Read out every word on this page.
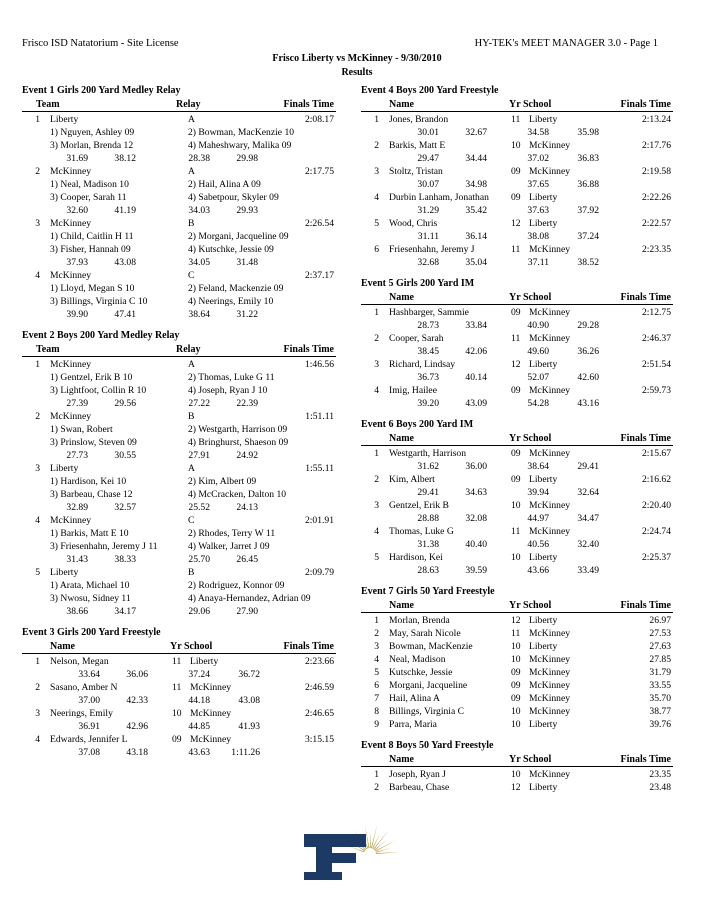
Frisco ISD Natatorium - Site License	HY-TEK's MEET MANAGER 3.0 - Page 1
Frisco Liberty vs McKinney - 9/30/2010
Results
Event 1 Girls 200 Yard Medley Relay
Team	Relay	Finals Time
1 Liberty	A	2:08.17
1) Nguyen, Ashley 09	2) Bowman, MacKenzie 10
3) Morlan, Brenda 12	4) Maheshwary, Malika 09
31.69	38.12	28.38	29.98
2 McKinney	A	2:17.75
1) Neal, Madison 10	2) Hail, Alina A 09
3) Cooper, Sarah 11	4) Sabetpour, Skyler 09
32.60	41.19	34.03	29.93
3 McKinney	B	2:26.54
1) Child, Caitlin H 11	2) Morgani, Jacqueline 09
3) Fisher, Hannah 09	4) Kutschke, Jessie 09
37.93	43.08	34.05	31.48
4 McKinney	C	2:37.17
1) Lloyd, Megan S 10	2) Feland, Mackenzie 09
3) Billings, Virginia C 10	4) Neerings, Emily 10
39.90	47.41	38.64	31.22
Event 2 Boys 200 Yard Medley Relay
Team	Relay	Finals Time
1 McKinney	A	1:46.56
1) Gentzel, Erik B 10	2) Thomas, Luke G 11
3) Lightfoot, Collin R 10	4) Joseph, Ryan J 10
27.39	29.56	27.22	22.39
2 McKinney	B	1:51.11
1) Swan, Robert	2) Westgarth, Harrison 09
3) Prinslow, Steven 09	4) Bringhurst, Shaeson 09
27.73	30.55	27.91	24.92
3 Liberty	A	1:55.11
1) Hardison, Kei 10	2) Kim, Albert 09
3) Barbeau, Chase 12	4) McCracken, Dalton 10
32.89	32.57	25.52	24.13
4 McKinney	C	2:01.91
1) Barkis, Matt E 10	2) Rhodes, Terry W 11
3) Friesenhahn, Jeremy J 11	4) Walker, Jarret J 09
31.43	38.33	25.70	26.45
5 Liberty	B	2:09.79
1) Arata, Michael 10	2) Rodriguez, Konnor 09
3) Nwosu, Sidney 11	4) Anaya-Hernandez, Adrian 09
38.66	34.17	29.06	27.90
Event 3 Girls 200 Yard Freestyle
Name	Yr School	Finals Time
1 Nelson, Megan	11 Liberty	2:23.66
33.64	36.06	37.24	36.72
2 Sasano, Amber N	11 McKinney	2:46.59
37.00	42.33	44.18	43.08
3 Neerings, Emily	10 McKinney	2:46.65
36.91	42.96	44.85	41.93
4 Edwards, Jennifer L	09 McKinney	3:15.15
37.08	43.18	43.63	1:11.26
Event 4 Boys 200 Yard Freestyle
Name	Yr School	Finals Time
1 Jones, Brandon	11 Liberty	2:13.24
30.01	32.67	34.58	35.98
2 Barkis, Matt E	10 McKinney	2:17.76
29.47	34.44	37.02	36.83
3 Stoltz, Tristan	09 McKinney	2:19.58
30.07	34.98	37.65	36.88
4 Durbin Lanham, Jonathan 09 Liberty	2:22.26
31.29	35.42	37.63	37.92
5 Wood, Chris	12 Liberty	2:22.57
31.11	36.14	38.08	37.24
6 Friesenhahn, Jeremy J	11 McKinney	2:23.35
32.68	35.04	37.11	38.52
Event 5 Girls 200 Yard IM
Name	Yr School	Finals Time
1 Hashbarger, Sammie	09 McKinney	2:12.75
28.73	33.84	40.90	29.28
2 Cooper, Sarah	11 McKinney	2:46.37
38.45	42.06	49.60	36.26
3 Richard, Lindsay	12 Liberty	2:51.54
36.73	40.14	52.07	42.60
4 Imig, Hailee	09 McKinney	2:59.73
39.20	43.09	54.28	43.16
Event 6 Boys 200 Yard IM
Name	Yr School	Finals Time
1 Westgarth, Harrison	09 McKinney	2:15.67
31.62	36.00	38.64	29.41
2 Kim, Albert	09 Liberty	2:16.62
29.41	34.63	39.94	32.64
3 Gentzel, Erik B	10 McKinney	2:20.40
28.88	32.08	44.97	34.47
4 Thomas, Luke G	11 McKinney	2:24.74
31.38	40.40	40.56	32.40
5 Hardison, Kei	10 Liberty	2:25.37
28.63	39.59	43.66	33.49
Event 7 Girls 50 Yard Freestyle
Name	Yr School	Finals Time
1 Morlan, Brenda	12 Liberty	26.97
2 May, Sarah Nicole	11 McKinney	27.53
3 Bowman, MacKenzie	10 Liberty	27.63
4 Neal, Madison	10 McKinney	27.85
5 Kutschke, Jessie	09 McKinney	31.79
6 Morgani, Jacqueline	09 McKinney	33.55
7 Hail, Alina A	09 McKinney	35.70
8 Billings, Virginia C	10 McKinney	38.77
9 Parra, Maria	10 Liberty	39.76
Event 8 Boys 50 Yard Freestyle
Name	Yr School	Finals Time
1 Joseph, Ryan J	10 McKinney	23.35
2 Barbeau, Chase	12 Liberty	23.48
